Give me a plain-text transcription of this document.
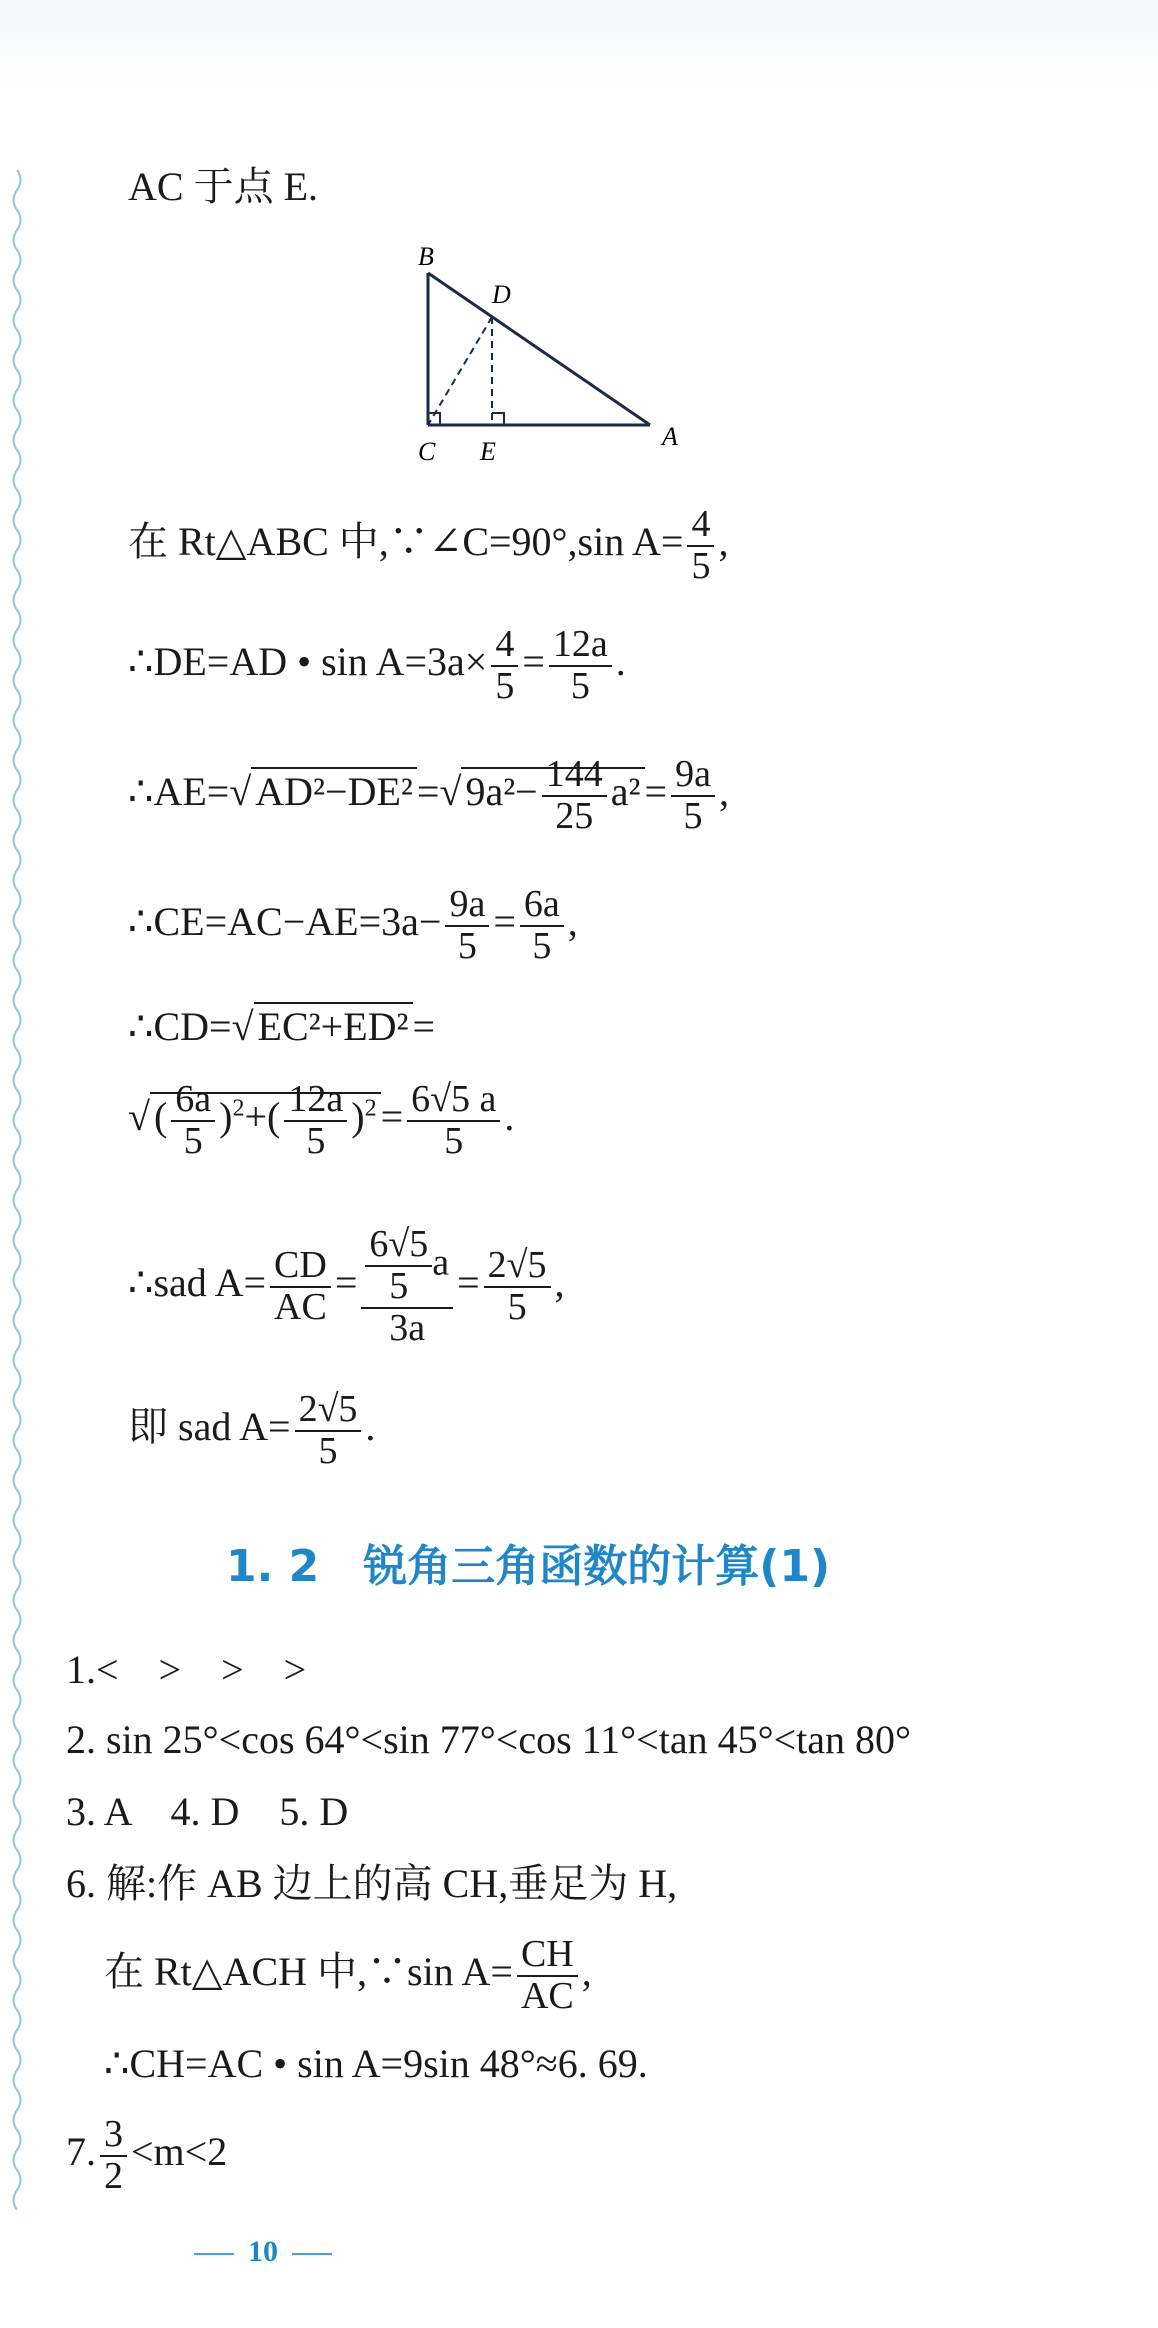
AC 于点 E.
B
D
C E
A
在 Rt△ABC 中,∵∠C=90°,sin $A= \frac{4}{5}$ ,
∴DE=AD • $\sin A=3a\times \frac{4}{5} = \frac{12a}{5}$ .
∴AE=√ AD²−DE² =√ $9a^2- \frac{144}{25} a^2 = \frac{9a}{5}$ ,
∴CE=AC−AE=3a− $\frac{9a}{5} = \frac{6a}{5}$ ,
∴CD=√ EC²+ED² =
√ ( $\frac{6a}{5} )^2+( \frac{12a}{5} )^2 = \frac{6√5 a}{5}$ .
∴sad $A= \frac{CD}{AC} = \frac{\frac{6√5}{5} a}{3a} = \frac{2√5}{5}$ ,
即 sad $A= \frac{2√5}{5}$ .
1. 2　锐角三角函数的计算(1)
1.<　>　>　>
2. sin 25°<cos 64°<sin 77°<cos 11°<tan 45°<tan 80°
3. A　4. D　5. D
6. 解:作 AB 边上的高 CH,垂足为 H,
在 Rt△ACH 中,∵sin $A= \frac{CH}{AC}$ ,
∴CH=AC • sin A=9sin 48°≈6. 69.
7. $\frac{3}{2} <m<2$
10
